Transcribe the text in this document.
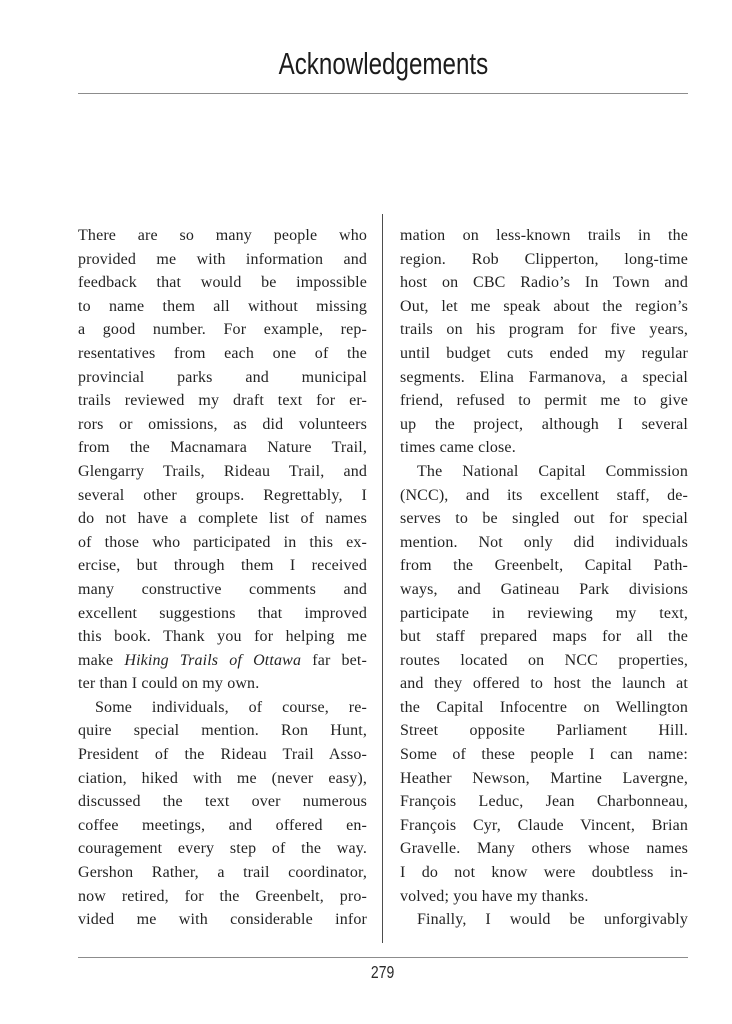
Acknowledgements
There are so many people who
provided me with information and
feedback that would be impossible
to name them all without missing
a good number. For example, rep-
resentatives from each one of the
provincial parks and municipal
trails reviewed my draft text for er-
rors or omissions, as did volunteers
from the Macnamara Nature Trail,
Glengarry Trails, Rideau Trail, and
several other groups. Regrettably, I
do not have a complete list of names
of those who participated in this ex-
ercise, but through them I received
many constructive comments and
excellent suggestions that improved
this book. Thank you for helping me
make Hiking Trails of Ottawa far bet-
ter than I could on my own.
Some individuals, of course, re-
quire special mention. Ron Hunt,
President of the Rideau Trail Asso-
ciation, hiked with me (never easy),
discussed the text over numerous
coffee meetings, and offered en-
couragement every step of the way.
Gershon Rather, a trail coordinator,
now retired, for the Greenbelt, pro-
vided me with considerable infor
mation on less-known trails in the
region. Rob Clipperton, long-time
host on CBC Radio’s In Town and
Out, let me speak about the region’s
trails on his program for five years,
until budget cuts ended my regular
segments. Elina Farmanova, a special
friend, refused to permit me to give
up the project, although I several
times came close.
The National Capital Commission
(NCC), and its excellent staff, de-
serves to be singled out for special
mention. Not only did individuals
from the Greenbelt, Capital Path-
ways, and Gatineau Park divisions
participate in reviewing my text,
but staff prepared maps for all the
routes located on NCC properties,
and they offered to host the launch at
the Capital Infocentre on Wellington
Street opposite Parliament Hill.
Some of these people I can name:
Heather Newson, Martine Lavergne,
François Leduc, Jean Charbonneau,
François Cyr, Claude Vincent, Brian
Gravelle. Many others whose names
I do not know were doubtless in-
volved; you have my thanks.
Finally, I would be unforgivably
279
